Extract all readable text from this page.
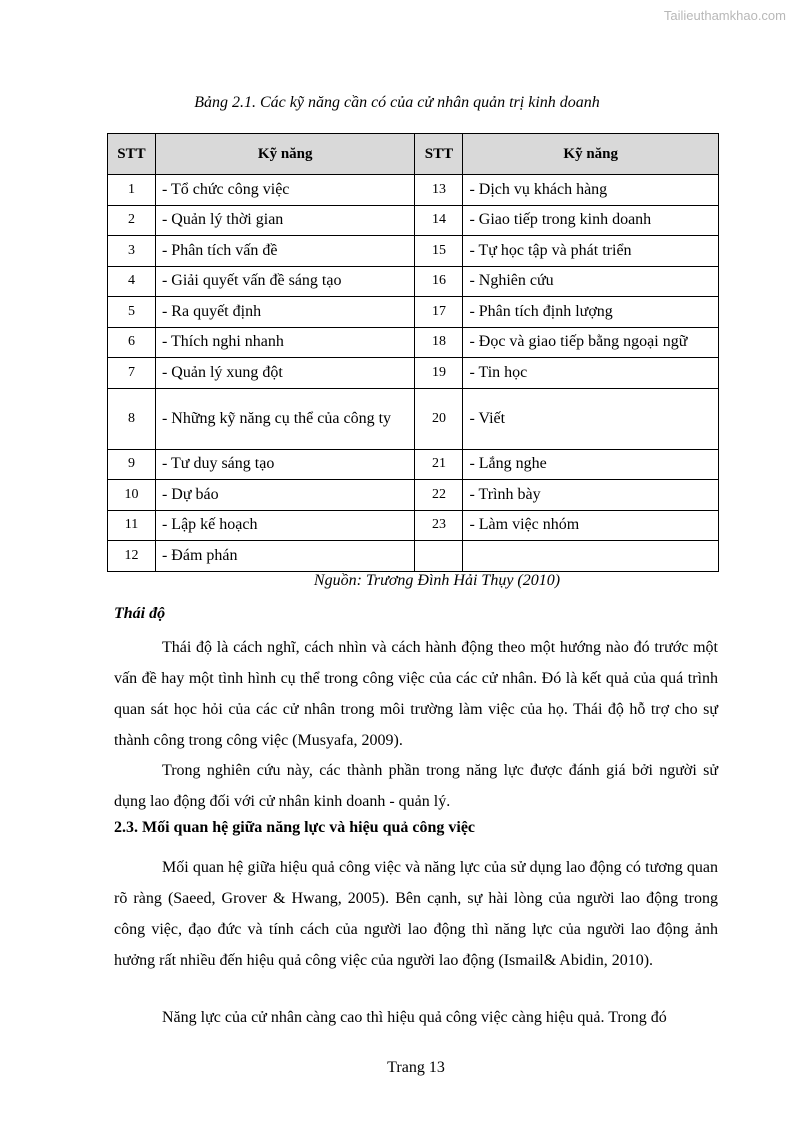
Tailieuthamkhao.com
Bảng 2.1. Các kỹ năng cần có của cử nhân quản trị kinh doanh
STT	Kỹ năng	STT	Kỹ năng
1	- Tổ chức công việc	13	- Dịch vụ khách hàng
2	- Quản lý thời gian	14	- Giao tiếp trong kinh doanh
3	- Phân tích vấn đề	15	- Tự học tập và phát triển
4	- Giải quyết vấn đề sáng tạo	16	- Nghiên cứu
5	- Ra quyết định	17	- Phân tích định lượng
6	- Thích nghi nhanh	18	- Đọc và giao tiếp bằng ngoại ngữ
7	- Quản lý xung đột	19	- Tin học
8	- Những kỹ năng cụ thể của công ty	20	- Viết
9	- Tư duy sáng tạo	21	- Lắng nghe
10	- Dự báo	22	- Trình bày
11	- Lập kế hoạch	23	- Làm việc nhóm
12	- Đám phán		
Nguồn: Trương Đình Hải Thụy (2010)
Thái độ

Thái độ là cách nghĩ, cách nhìn và cách hành động theo một hướng nào đó trước một vấn đề hay một tình hình cụ thể trong công việc của các cử nhân. Đó là kết quả của quá trình quan sát học hỏi của các cử nhân trong môi trường làm việc của họ. Thái độ hỗ trợ cho sự thành công trong công việc (Musyafa, 2009).

Trong nghiên cứu này, các thành phần trong năng lực được đánh giá bởi người sử dụng lao động đối với cử nhân kinh doanh - quản lý.

2.3. Mối quan hệ giữa năng lực và hiệu quả công việc

Mối quan hệ giữa hiệu quả công việc và năng lực của sử dụng lao động có tương quan rõ ràng (Saeed, Grover & Hwang, 2005). Bên cạnh, sự hài lòng của người lao động trong công việc, đạo đức và tính cách của người lao động thì năng lực của người lao động ảnh hưởng rất nhiều đến hiệu quả công việc của người lao động (Ismail& Abidin, 2010).

Năng lực của cử nhân càng cao thì hiệu quả công việc càng hiệu quả. Trong đó

Trang 13
